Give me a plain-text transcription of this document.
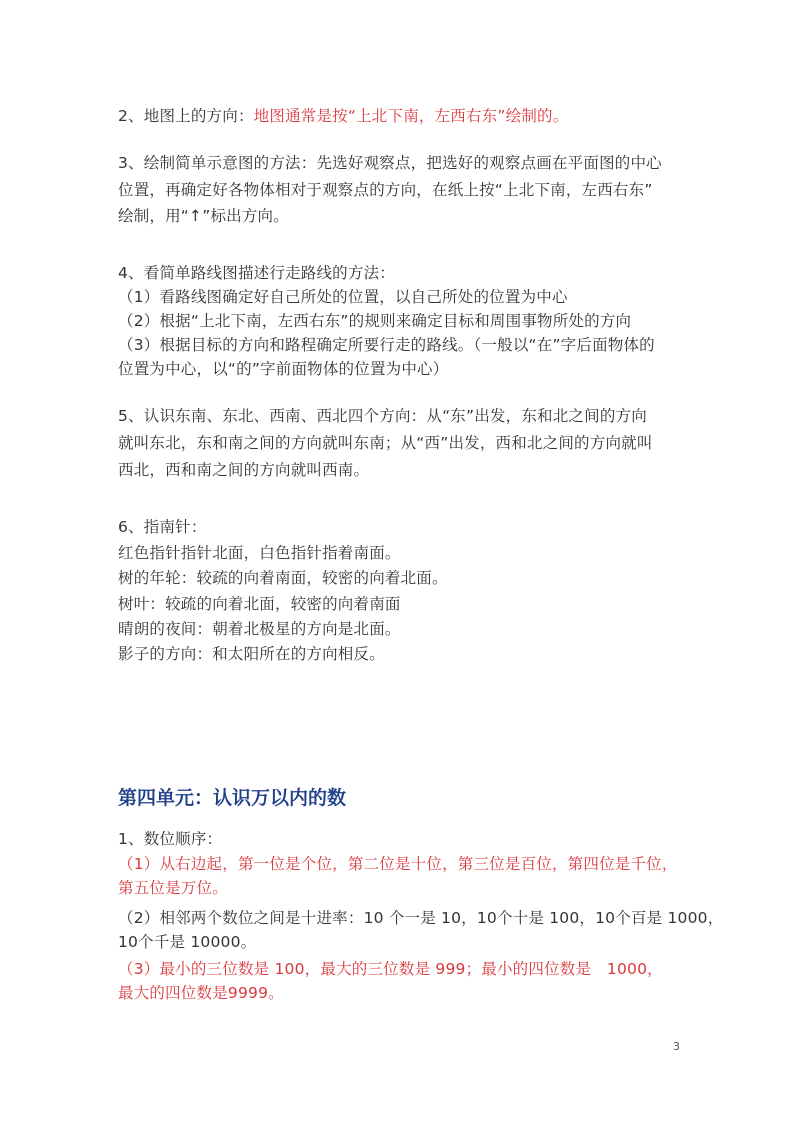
2、地图上的方向：地图通常是按“上北下南，左西右东”绘制的。
3、绘制简单示意图的方法：先选好观察点，把选好的观察点画在平面图的中心
位置，再确定好各物体相对于观察点的方向，在纸上按“上北下南，左西右东”
绘制，用“↑”标出方向。
4、看简单路线图描述行走路线的方法：
（1）看路线图确定好自己所处的位置，以自己所处的位置为中心
（2）根据“上北下南，左西右东”的规则来确定目标和周围事物所处的方向
（3）根据目标的方向和路程确定所要行走的路线。（一般以“在”字后面物体的
位置为中心，以“的”字前面物体的位置为中心）
5、认识东南、东北、西南、西北四个方向：从“东”出发，东和北之间的方向
就叫东北，东和南之间的方向就叫东南；从“西”出发，西和北之间的方向就叫
西北，西和南之间的方向就叫西南。
6、指南针：
红色指针指针北面，白色指针指着南面。
树的年轮：较疏的向着南面，较密的向着北面。
树叶：较疏的向着北面，较密的向着南面
晴朗的夜间：朝着北极星的方向是北面。
影子的方向：和太阳所在的方向相反。
第四单元：认识万以内的数
1、数位顺序：
（1）从右边起，第一位是个位，第二位是十位，第三位是百位，第四位是千位，
第五位是万位。
（2）相邻两个数位之间是十进率：10 个一是 10，10个十是 100，10个百是 1000，
10个千是 10000。
（3）最小的三位数是 100，最大的三位数是 999；最小的四位数是　1000，
最大的四位数是9999。
3
